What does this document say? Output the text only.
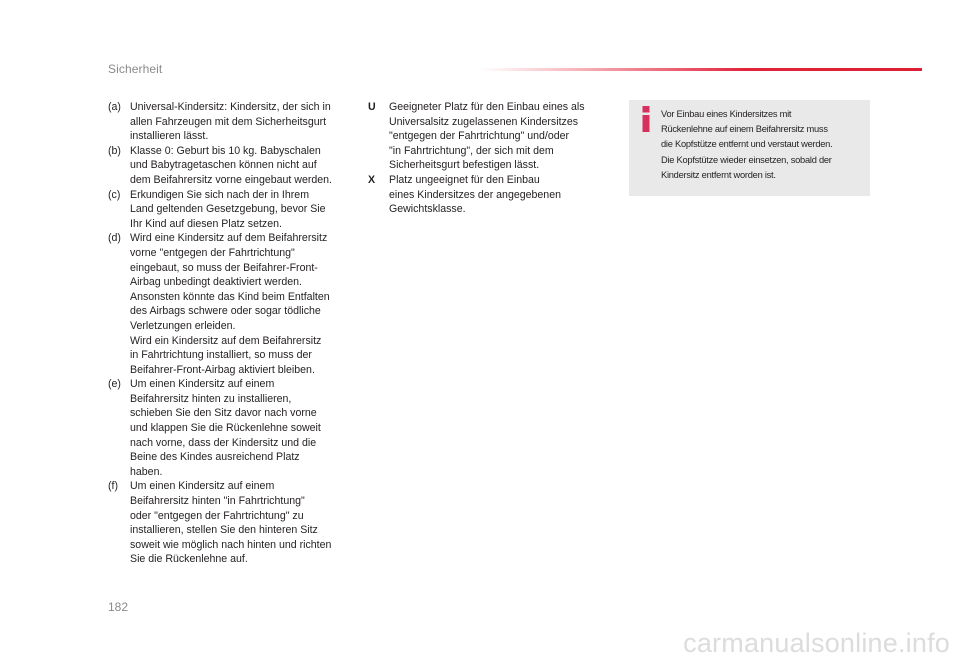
Sicherheit
(a) Universal-Kindersitz: Kindersitz, der sich in
allen Fahrzeugen mit dem Sicherheitsgurt
installieren lässt.
(b) Klasse 0: Geburt bis 10 kg. Babyschalen
und Babytragetaschen können nicht auf
dem Beifahrersitz vorne eingebaut werden.
(c) Erkundigen Sie sich nach der in Ihrem
Land geltenden Gesetzgebung, bevor Sie
Ihr Kind auf diesen Platz setzen.
(d) Wird eine Kindersitz auf dem Beifahrersitz
vorne "entgegen der Fahrtrichtung"
eingebaut, so muss der Beifahrer-Front-
Airbag unbedingt deaktiviert werden.
Ansonsten könnte das Kind beim Entfalten
des Airbags schwere oder sogar tödliche
Verletzungen erleiden.
Wird ein Kindersitz auf dem Beifahrersitz
in Fahrtrichtung installiert, so muss der
Beifahrer-Front-Airbag aktiviert bleiben.
(e) Um einen Kindersitz auf einem
Beifahrersitz hinten zu installieren,
schieben Sie den Sitz davor nach vorne
und klappen Sie die Rückenlehne soweit
nach vorne, dass der Kindersitz und die
Beine des Kindes ausreichend Platz
haben.
(f)	Um einen Kindersitz auf einem
Beifahrersitz hinten "in Fahrtrichtung"
oder "entgegen der Fahrtrichtung" zu
installieren, stellen Sie den hinteren Sitz
soweit wie möglich nach hinten und richten
Sie die Rückenlehne auf.
U	Geeigneter Platz für den Einbau eines als
Universalsitz zugelassenen Kindersitzes
"entgegen der Fahrtrichtung" und/oder
"in Fahrtrichtung", der sich mit dem
Sicherheitsgurt befestigen lässt.
X	Platz ungeeignet für den Einbau
eines Kindersitzes der angegebenen
Gewichtsklasse.
Vor Einbau eines Kindersitzes mit
Rückenlehne auf einem Beifahrersitz muss
die Kopfstütze entfernt und verstaut werden.
Die Kopfstütze wieder einsetzen, sobald der
Kindersitz entfernt worden ist.
182
carmanualsonline.info
